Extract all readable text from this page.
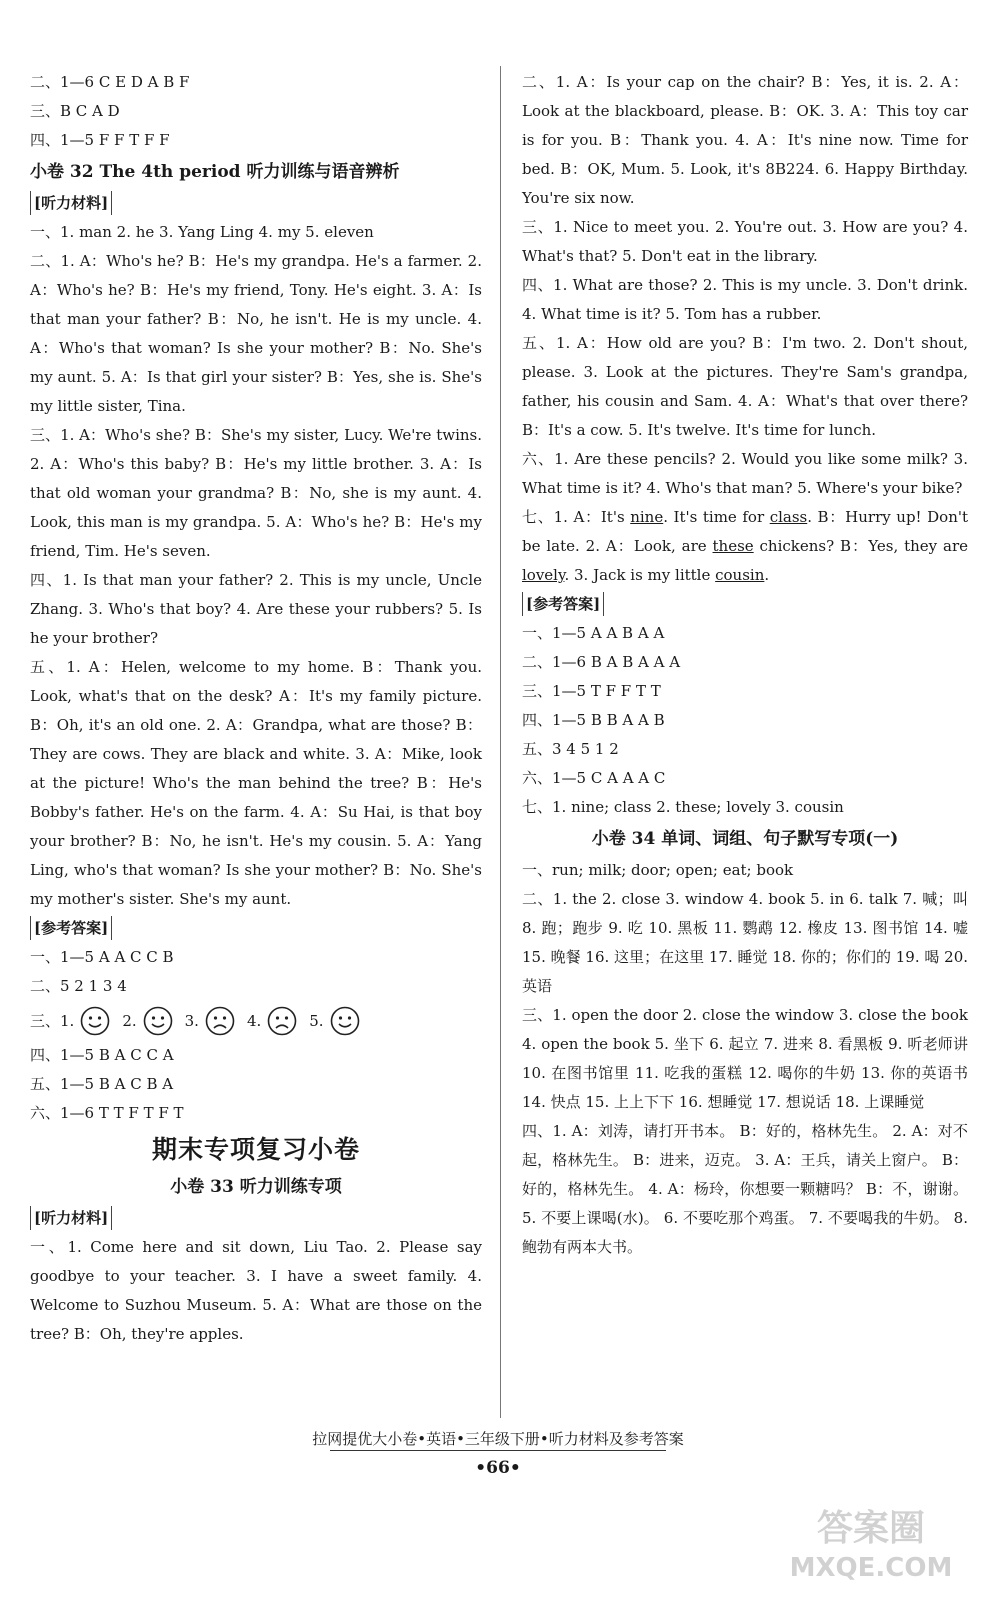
二、1—6 C E D A B F

三、B C A D

四、1—5 F F T F F

小卷 32 The 4th period 听力训练与语音辨析
[听力材料]

一、1. man 2. he 3. Yang Ling 4. my 5. eleven

二、1. A：Who's he? B：He's my grandpa. He's a farmer. 2. A：Who's he? B：He's my friend, Tony. He's eight. 3. A：Is that man your father? B：No, he isn't. He is my uncle. 4. A：Who's that woman? Is she your mother? B：No. She's my aunt. 5. A：Is that girl your sister? B：Yes, she is. She's my little sister, Tina.

三、1. A：Who's she? B：She's my sister, Lucy. We're twins. 2. A：Who's this baby? B：He's my little brother. 3. A：Is that old woman your grandma? B：No, she is my aunt. 4. Look, this man is my grandpa. 5. A：Who's he? B：He's my friend, Tim. He's seven.

四、1. Is that man your father? 2. This is my uncle, Uncle Zhang. 3. Who's that boy? 4. Are these your rubbers? 5. Is he your brother?

五、1. A：Helen, welcome to my home. B：Thank you. Look, what's that on the desk? A：It's my family picture. B：Oh, it's an old one. 2. A：Grandpa, what are those? B：They are cows. They are black and white. 3. A：Mike, look at the picture! Who's the man behind the tree? B：He's Bobby's father. He's on the farm. 4. A：Su Hai, is that boy your brother? B：No, he isn't. He's my cousin. 5. A：Yang Ling, who's that woman? Is she your mother? B：No. She's my mother's sister. She's my aunt.

[参考答案]

一、1—5 A A C C B

二、5 2 1 3 4

三、 1.	2.	3.	4.	5.

四、1—5 B A C C A

五、1—5 B A C B A

六、1—6 T T F T F T

期末专项复习小卷
小卷 33 听力训练专项
[听力材料]

一、1. Come here and sit down, Liu Tao. 2. Please say goodbye to your teacher. 3. I have a sweet family. 4. Welcome to Suzhou Museum. 5. A：What are those on the tree? B：Oh, they're apples.

二、1. A：Is your cap on the chair? B：Yes, it is. 2. A：Look at the blackboard, please. B：OK. 3. A：This toy car is for you. B：Thank you. 4. A：It's nine now. Time for bed. B：OK, Mum. 5. Look, it's 8B224. 6. Happy Birthday. You're six now.

三、1. Nice to meet you. 2. You're out. 3. How are you? 4. What's that? 5. Don't eat in the library.

四、1. What are those? 2. This is my uncle. 3. Don't drink. 4. What time is it? 5. Tom has a rubber.

五、1. A：How old are you? B：I'm two. 2. Don't shout, please. 3. Look at the pictures. They're Sam's grandpa, father, his cousin and Sam. 4. A：What's that over there? B：It's a cow. 5. It's twelve. It's time for lunch.

六、1. Are these pencils? 2. Would you like some milk? 3. What time is it? 4. Who's that man? 5. Where's your bike?

七、1. A：It's nine. It's time for class. B：Hurry up! Don't be late. 2. A：Look, are these chickens? B：Yes, they are lovely. 3. Jack is my little cousin.

[参考答案]

一、1—5 A A B A A

二、1—6 B A B A A A

三、1—5 T F F T T

四、1—5 B B A A B

五、3 4 5 1 2

六、1—5 C A A A C

七、1. nine; class 2. these; lovely 3. cousin

小卷 34 单词、词组、句子默写专项(一)

一、run; milk; door; open; eat; book

二、1. the 2. close 3. window 4. book 5. in 6. talk 7. 喊；叫 8. 跑；跑步 9. 吃 10. 黑板 11. 鹦鹉 12. 橡皮 13. 图书馆 14. 嘘 15. 晚餐 16. 这里；在这里 17. 睡觉 18. 你的；你们的 19. 喝 20. 英语

三、1. open the door 2. close the window 3. close the book 4. open the book 5. 坐下 6. 起立 7. 进来 8. 看黑板 9. 听老师讲 10. 在图书馆里 11. 吃我的蛋糕 12. 喝你的牛奶 13. 你的英语书 14. 快点 15. 上上下下 16. 想睡觉 17. 想说话 18. 上课睡觉

四、1. A：刘涛，请打开书本。 B：好的，格林先生。 2. A：对不起，格林先生。 B：进来，迈克。 3. A：王兵，请关上窗户。 B：好的，格林先生。 4. A：杨玲，你想要一颗糖吗？ B：不，谢谢。 5. 不要上课喝(水)。 6. 不要吃那个鸡蛋。 7. 不要喝我的牛奶。 8. 鲍勃有两本大书。

拉网提优大小卷•英语•三年级下册•听力材料及参考答案
•66•
答案圈
MXQE.COM
